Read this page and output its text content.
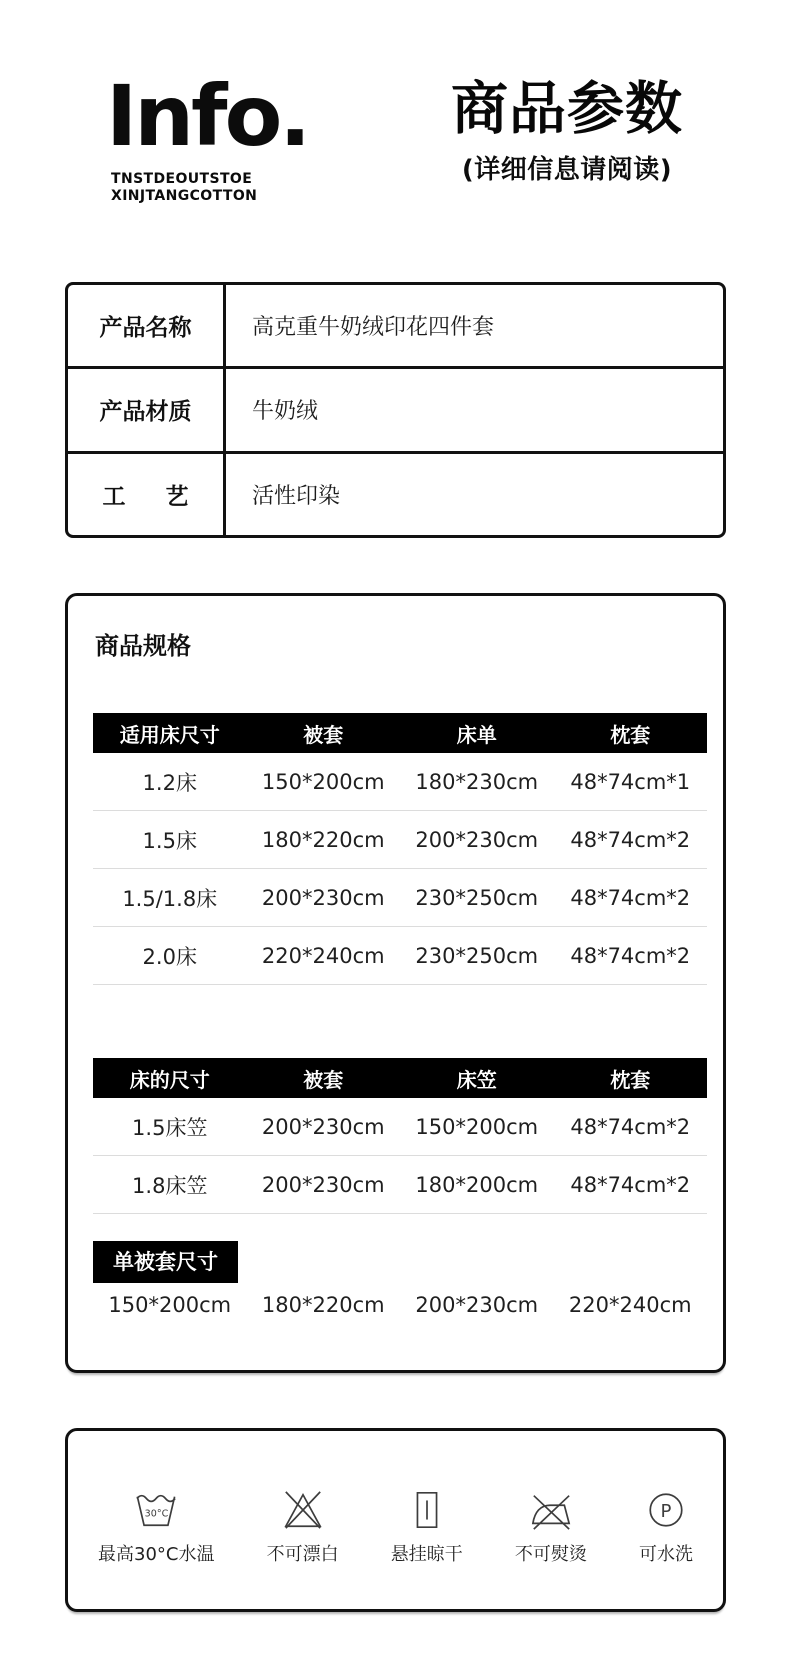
Info.
TNSTDEOUTSTOE
XINJTANGCOTTON
商品参数
(详细信息请阅读)
产品名称	高克重牛奶绒印花四件套
产品材质	牛奶绒
工     艺	活性印染
商品规格
适用床尺寸	被套	床单	枕套
1.2床	150*200cm	180*230cm	48*74cm*1
1.5床	180*220cm	200*230cm	48*74cm*2
1.5/1.8床	200*230cm	230*250cm	48*74cm*2
2.0床	220*240cm	230*250cm	48*74cm*2
床的尺寸	被套	床笠	枕套
1.5床笠	200*230cm	150*200cm	48*74cm*2
1.8床笠	200*230cm	180*200cm	48*74cm*2
单被套尺寸
150*200cm	180*220cm	200*230cm	220*240cm
30°C
最高30°C水温	不可漂白	悬挂晾干	不可熨烫
P
可水洗
